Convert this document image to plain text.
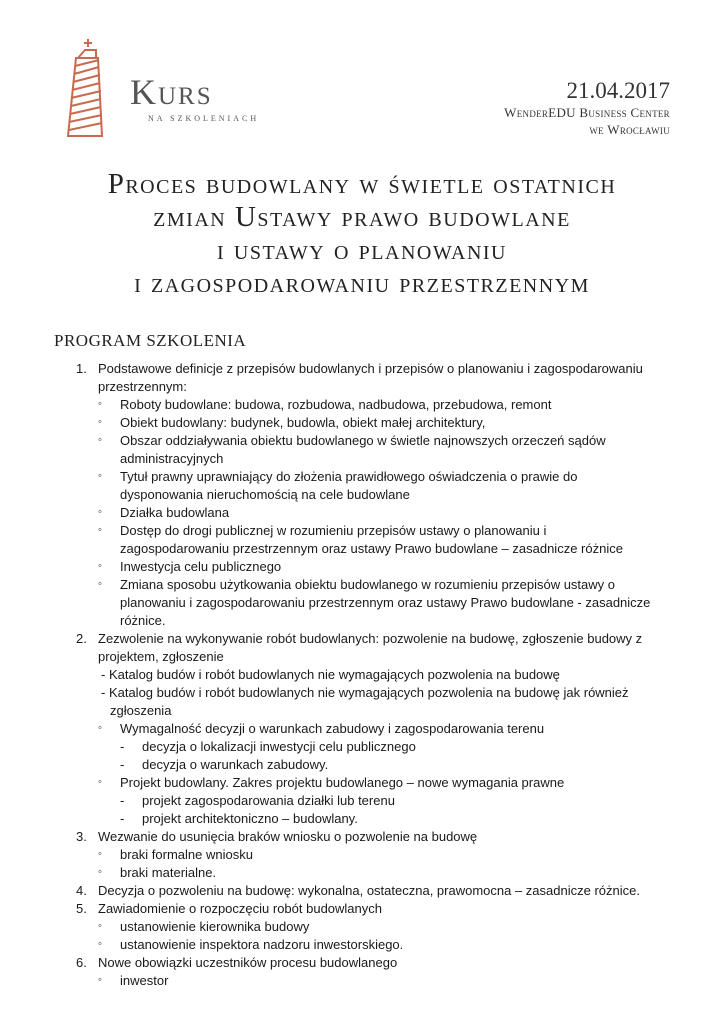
Kurs
NA SZKOLENIACH
21.04.2017
WenderEDU Business Center
we Wrocławiu
Proces budowlany w świetle ostatnich
zmian Ustawy prawo budowlane
i ustawy o planowaniu
i zagospodarowaniu przestrzennym
PROGRAM SZKOLENIA
1. Podstawowe definicje z przepisów budowlanych i przepisów o planowaniu i zagospodarowaniu
przestrzennym:
◦ Roboty budowlane: budowa, rozbudowa, nadbudowa, przebudowa, remont
◦ Obiekt budowlany: budynek, budowla, obiekt małej architektury,
◦ Obszar oddziaływania obiektu budowlanego w świetle najnowszych orzeczeń sądów
administracyjnych
◦ Tytuł prawny uprawniający do złożenia prawidłowego oświadczenia o prawie do
dysponowania nieruchomością na cele budowlane
◦ Działka budowlana
◦ Dostęp do drogi publicznej w rozumieniu przepisów ustawy o planowaniu i
zagospodarowaniu przestrzennym oraz ustawy Prawo budowlane – zasadnicze różnice
◦ Inwestycja celu publicznego
◦ Zmiana sposobu użytkowania obiektu budowlanego w rozumieniu przepisów ustawy o
planowaniu i zagospodarowaniu przestrzennym oraz ustawy Prawo budowlane - zasadnicze
różnice.
2. Zezwolenie na wykonywanie robót budowlanych: pozwolenie na budowę, zgłoszenie budowy z
projektem, zgłoszenie
- Katalog budów i robót budowlanych nie wymagających pozwolenia na budowę
- Katalog budów i robót budowlanych nie wymagających pozwolenia na budowę jak również
zgłoszenia
◦ Wymagalność decyzji o warunkach zabudowy i zagospodarowania terenu
- decyzja o lokalizacji inwestycji celu publicznego
- decyzja o warunkach zabudowy.
◦ Projekt budowlany. Zakres projektu budowlanego – nowe wymagania prawne
- projekt zagospodarowania działki lub terenu
- projekt architektoniczno – budowlany.
3. Wezwanie do usunięcia braków wniosku o pozwolenie na budowę
◦ braki formalne wniosku
◦ braki materialne.
4. Decyzja o pozwoleniu na budowę: wykonalna, ostateczna, prawomocna – zasadnicze różnice.
5. Zawiadomienie o rozpoczęciu robót budowlanych
◦ ustanowienie kierownika budowy
◦ ustanowienie inspektora nadzoru inwestorskiego.
6. Nowe obowiązki uczestników procesu budowlanego
◦ inwestor
